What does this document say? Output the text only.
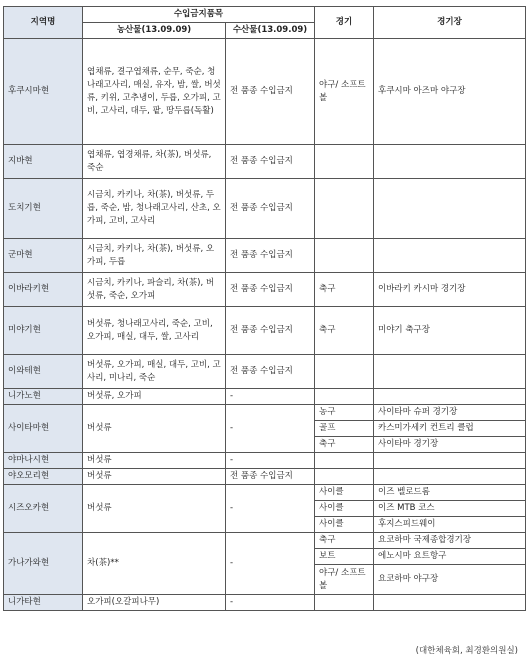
지역명	수입금지품목		경기	경기장
	농산물(13.09.09)	수산물(13.09.09)		
후쿠시마현	엽채류, 결구엽채류, 순무, 죽순, 청나래고사리, 매실, 유자, 밤, 쌀, 버섯류, 키위, 고추냉이, 두릅, 오가피, 고비, 고사리, 대두, 팥, 땅두릅(독활)	전 품종 수입금지	야구/ 소프트볼	후쿠시마 아즈마 야구장
지바현	엽채류, 엽경채류, 차(茶), 버섯류, 죽순	전 품종 수입금지		
도치기현	시금치, 카키나, 차(茶), 버섯류, 두릅, 죽순, 밤, 청나래고사리, 산초, 오가피, 고비, 고사리	전 품종 수입금지		
군마현	시금치, 카키나, 차(茶), 버섯류, 오가피, 두릅	전 품종 수입금지		
이바라키현	시금치, 카키나, 파슬리, 차(茶), 버섯류, 죽순, 오가피	전 품종 수입금지	축구	이바라키 카시마 경기장
미야기현	버섯류, 청나래고사리, 죽순, 고비, 오가피, 매실, 대두, 쌀, 고사리	전 품종 수입금지	축구	미야기 축구장
이와테현	버섯류, 오가피, 매실, 대두, 고비, 고사리, 미나리, 죽순	전 품종 수입금지		
니가노현	버섯류, 오가피	-		
사이타마현	버섯류	-	농구	사이타마 슈퍼 경기장
			골프	카스미가세키 컨트리 클럽
			축구	사이타마 경기장
야마나시현	버섯류	-		
야오모리현	버섯류	전 품종 수입금지		
시즈오카현	버섯류	-	사이클	이즈 벨로드롬
			사이클	이즈 MTB 코스
			사이클	후지스피드웨이
가나가와현	차(茶)**	-	축구	요코하마 국제종합경기장
			보트	에노시마 요트항구
			야구/ 소프트볼	요코하마 야구장
니가타현	오가피(오갈피나무)	-		
(대한체육회, 최경환의원실)
